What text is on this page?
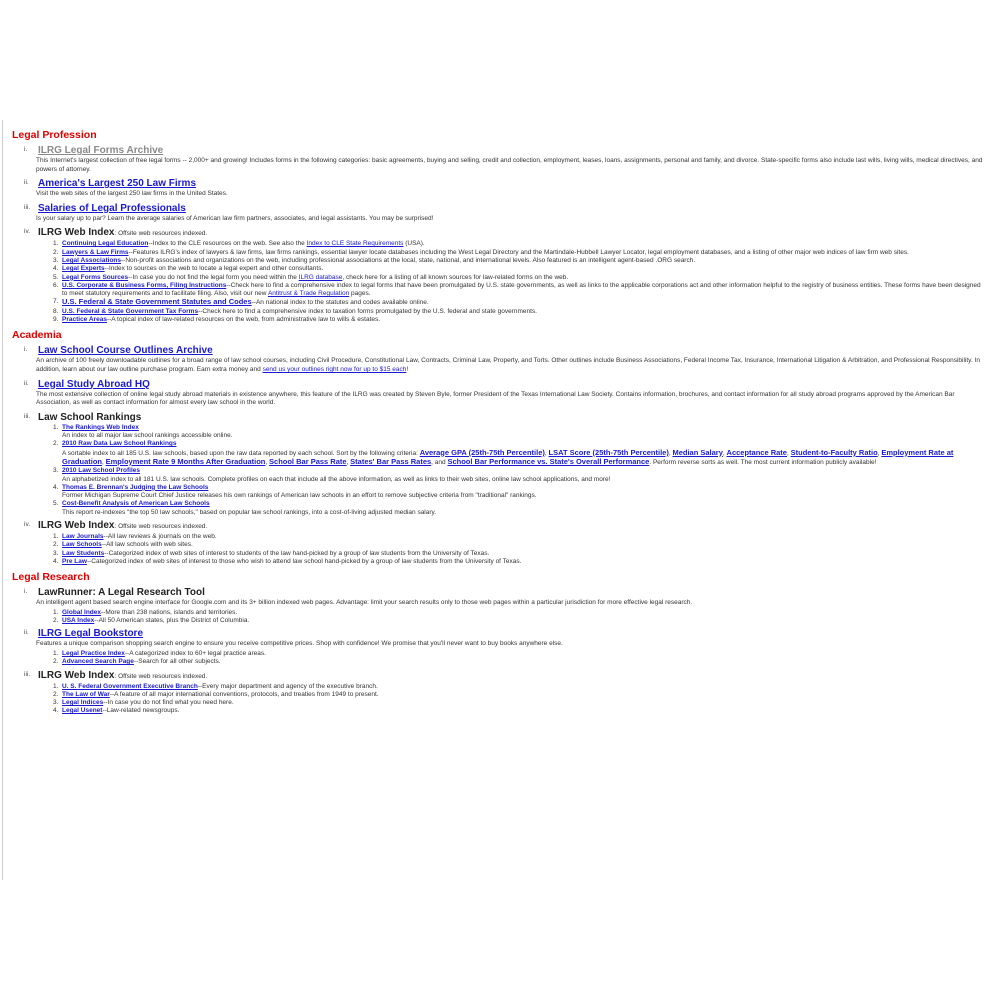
Legal Profession
i. ILRG Legal Forms Archive
This Internet's largest collection of free legal forms -- 2,000+ and growing! Includes forms in the following categories: basic agreements, buying and selling, credit and collection, employment, leases, loans, assignments, personal and family, and divorce. State-specific forms also include last wills, living wills, medical directives, and powers of attorney.
ii. America's Largest 250 Law Firms
Visit the web sites of the largest 250 law firms in the United States.
iii. Salaries of Legal Professionals
Is your salary up to par? Learn the average salaries of American law firm partners, associates, and legal assistants. You may be surprised!
iv. ILRG Web Index: Offsite web resources indexed.
1. Continuing Legal Education--Index to the CLE resources on the web. See also the Index to CLE State Requirements (USA).
2. Lawyers & Law Firms--Features ILRG's index of lawyers & law firms, law firms rankings, essential lawyer locate databases including the West Legal Directory and the Martindale-Hubbell Lawyer Locator, legal employment databases, and a listing of other major web indices of law firm web sites.
3. Legal Associations--Non-profit associations and organizations on the web, including professional associations at the local, state, national, and international levels. Also featured is an intelligent agent-based .ORG search.
4. Legal Experts--Index to sources on the web to locate a legal expert and other consultants.
5. Legal Forms Sources--In case you do not find the legal form you need within the ILRG database, check here for a listing of all known sources for law-related forms on the web.
6. U.S. Corporate & Business Forms, Filing Instructions--Check here to find a comprehensive index to legal forms that have been promulgated by U.S. state governments, as well as links to the applicable corporations act and other information helpful to the registry of business entities. These forms have been designed to meet statutory requirements and to facilitate filing. Also, visit our new Antitrust & Trade Regulation pages.
7. U.S. Federal & State Government Statutes and Codes--An national index to the statutes and codes available online.
8. U.S. Federal & State Government Tax Forms--Check here to find a comprehensive index to taxation forms promulgated by the U.S. federal and state governments.
9. Practice Areas--A topical index of law-related resources on the web, from administrative law to wills & estates.
Academia
i. Law School Course Outlines Archive
An archive of 100 freely downloadable outlines for a broad range of law school courses, including Civil Procedure, Constitutional Law, Contracts, Criminal Law, Property, and Torts. Other outlines include Business Associations, Federal Income Tax, Insurance, International Litigation & Arbitration, and Professional Responsibility. In addition, learn about our law outline purchase program. Earn extra money and send us your outlines right now for up to $15 each!
ii. Legal Study Abroad HQ
The most extensive collection of online legal study abroad materials in existence anywhere, this feature of the ILRG was created by Steven Byle, former President of the Texas International Law Society. Contains information, brochures, and contact information for all study abroad programs approved by the American Bar Association, as well as contact information for almost every law school in the world.
iii. Law School Rankings
1. The Rankings Web Index
An index to all major law school rankings accessible online.
2. 2010 Raw Data Law School Rankings
A sortable index to all 185 U.S. law schools, based upon the raw data reported by each school. Sort by the following criteria: Average GPA (25th-75th Percentile), LSAT Score (25th-75th Percentile), Median Salary, Acceptance Rate, Student-to-Faculty Ratio, Employment Rate at Graduation, Employment Rate 9 Months After Graduation, School Bar Pass Rate, States' Bar Pass Rates, and School Bar Performance vs. State's Overall Performance. Perform reverse sorts as well. The most current information publicly available!
3. 2010 Law School Profiles
An alphabetized index to all 181 U.S. law schools. Complete profiles on each that include all the above information, as well as links to their web sites, online law school applications, and more!
4. Thomas E. Brennan's Judging the Law Schools
Former Michigan Supreme Court Chief Justice releases his own rankings of American law schools in an effort to remove subjective criteria from "traditional" rankings.
5. Cost-Benefit Analysis of American Law Schools
This report re-indexes "the top 50 law schools," based on popular law school rankings, into a cost-of-living adjusted median salary.
iv. ILRG Web Index: Offsite web resources indexed.
1. Law Journals--All law reviews & journals on the web.
2. Law Schools--All law schools with web sites.
3. Law Students--Categorized index of web sites of interest to students of the law hand-picked by a group of law students from the University of Texas.
4. Pre Law--Categorized index of web sites of interest to those who wish to attend law school hand-picked by a group of law students from the University of Texas.
Legal Research
i. LawRunner: A Legal Research Tool
An intelligent agent based search engine interface for Google.com and its 3+ billion indexed web pages. Advantage: limit your search results only to those web pages within a particular jurisdiction for more effective legal research.
1. Global Index--More than 238 nations, islands and territories.
2. USA Index--All 50 American states, plus the District of Columbia.
ii. ILRG Legal Bookstore
Features a unique comparison shopping search engine to ensure you receive competitive prices. Shop with confidence! We promise that you'll never want to buy books anywhere else.
1. Legal Practice Index--A categorized index to 60+ legal practice areas.
2. Advanced Search Page--Search for all other subjects.
iii. ILRG Web Index: Offsite web resources indexed.
1. U. S. Federal Government Executive Branch--Every major department and agency of the executive branch.
2. The Law of War--A feature of all major international conventions, protocols, and treaties from 1949 to present.
3. Legal Indices--In case you do not find what you need here.
4. Legal Usenet--Law-related newsgroups.
